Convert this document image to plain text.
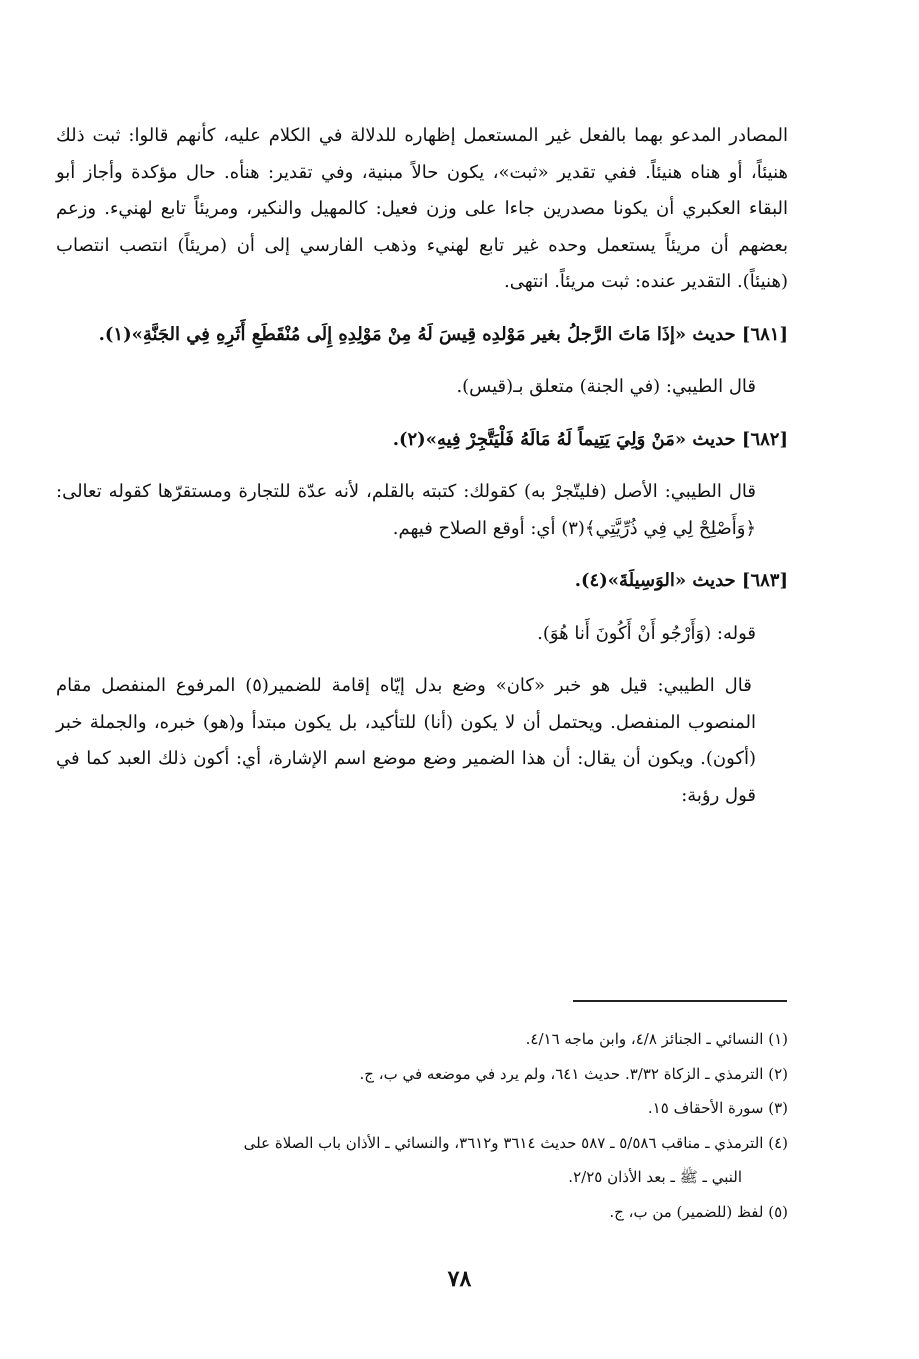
المصادر المدعو بهما بالفعل غير المستعمل إظهاره للدلالة في الكلام عليه، كأنهم قالوا: ثبت ذلك هنيئاً، أو هناه هنيئاً. ففي تقدير «ثبت»، يكون حالاً مبنية، وفي تقدير: هنأه. حال مؤكدة وأجاز أبو البقاء العكبري أن يكونا مصدرين جاءا على وزن فعيل: كالمهيل والنكير، ومريئاً تابع لهنيء. وزعم بعضهم أن مريئاً يستعمل وحده غير تابع لهنيء وذهب الفارسي إلى أن (مريئاً) انتصب انتصاب (هنيئاً). التقدير عنده: ثبت مريئاً. انتهى.

[٦٨١] حديث «إذَا مَاتَ الرَّجلُ بغير مَوْلدِه قِيسَ لَهُ مِنْ مَوْلِدِهِ إِلَى مُنْقَطَعِ أَثَرِهِ فِي الجَنَّةِ»(١).

قال الطيبي: (في الجنة) متعلق بـ(قيس).

[٦٨٢] حديث «مَنْ وَلِيَ يَتِيماً لَهُ مَالَهُ فَلْيَتَّجِرْ فِيهِ»(٢).

قال الطيبي: الأصل (فليتّجرْ به) كقولك: كتبته بالقلم، لأنه عدّة للتجارة ومستقرّها كقوله تعالى: ﴿وَأَصْلِحْ لِي فِي ذُرِّيَّتِي﴾(٣) أي: أوقع الصلاح فيهم.

[٦٨٣] حديث «الوَسِيلَةَ»(٤).

قوله: (وَأَرْجُو أَنْ أَكُونَ أَنا هُوَ).

قال الطيبي: قيل هو خبر «كان» وضع بدل إيّاه إقامة للضمير(٥) المرفوع المنفصل مقام المنصوب المنفصل. ويحتمل أن لا يكون (أنا) للتأكيد، بل يكون مبتدأ و(هو) خبره، والجملة خبر (أكون). ويكون أن يقال: أن هذا الضمير وضع موضع اسم الإشارة، أي: أكون ذلك العبد كما في قول رؤبة:

(١) النسائي ـ الجنائز ٤/٨، وابن ماجه ٤/١٦.

(٢) الترمذي ـ الزكاة ٣/٣٢. حديث ٦٤١، ولم يرد في موضعه في ب، ج.

(٣) سورة الأحقاف ١٥.

(٤) الترمذي ـ مناقب ٥/٥٨٦ ـ ٥٨٧ حديث ٣٦١٤ و٣٦١٢، والنسائي ـ الأذان باب الصلاة على

النبي ـ ﷺ ـ بعد الأذان ٢/٢٥.

(٥) لفظ (للضمير) من ب، ج.

٧٨
